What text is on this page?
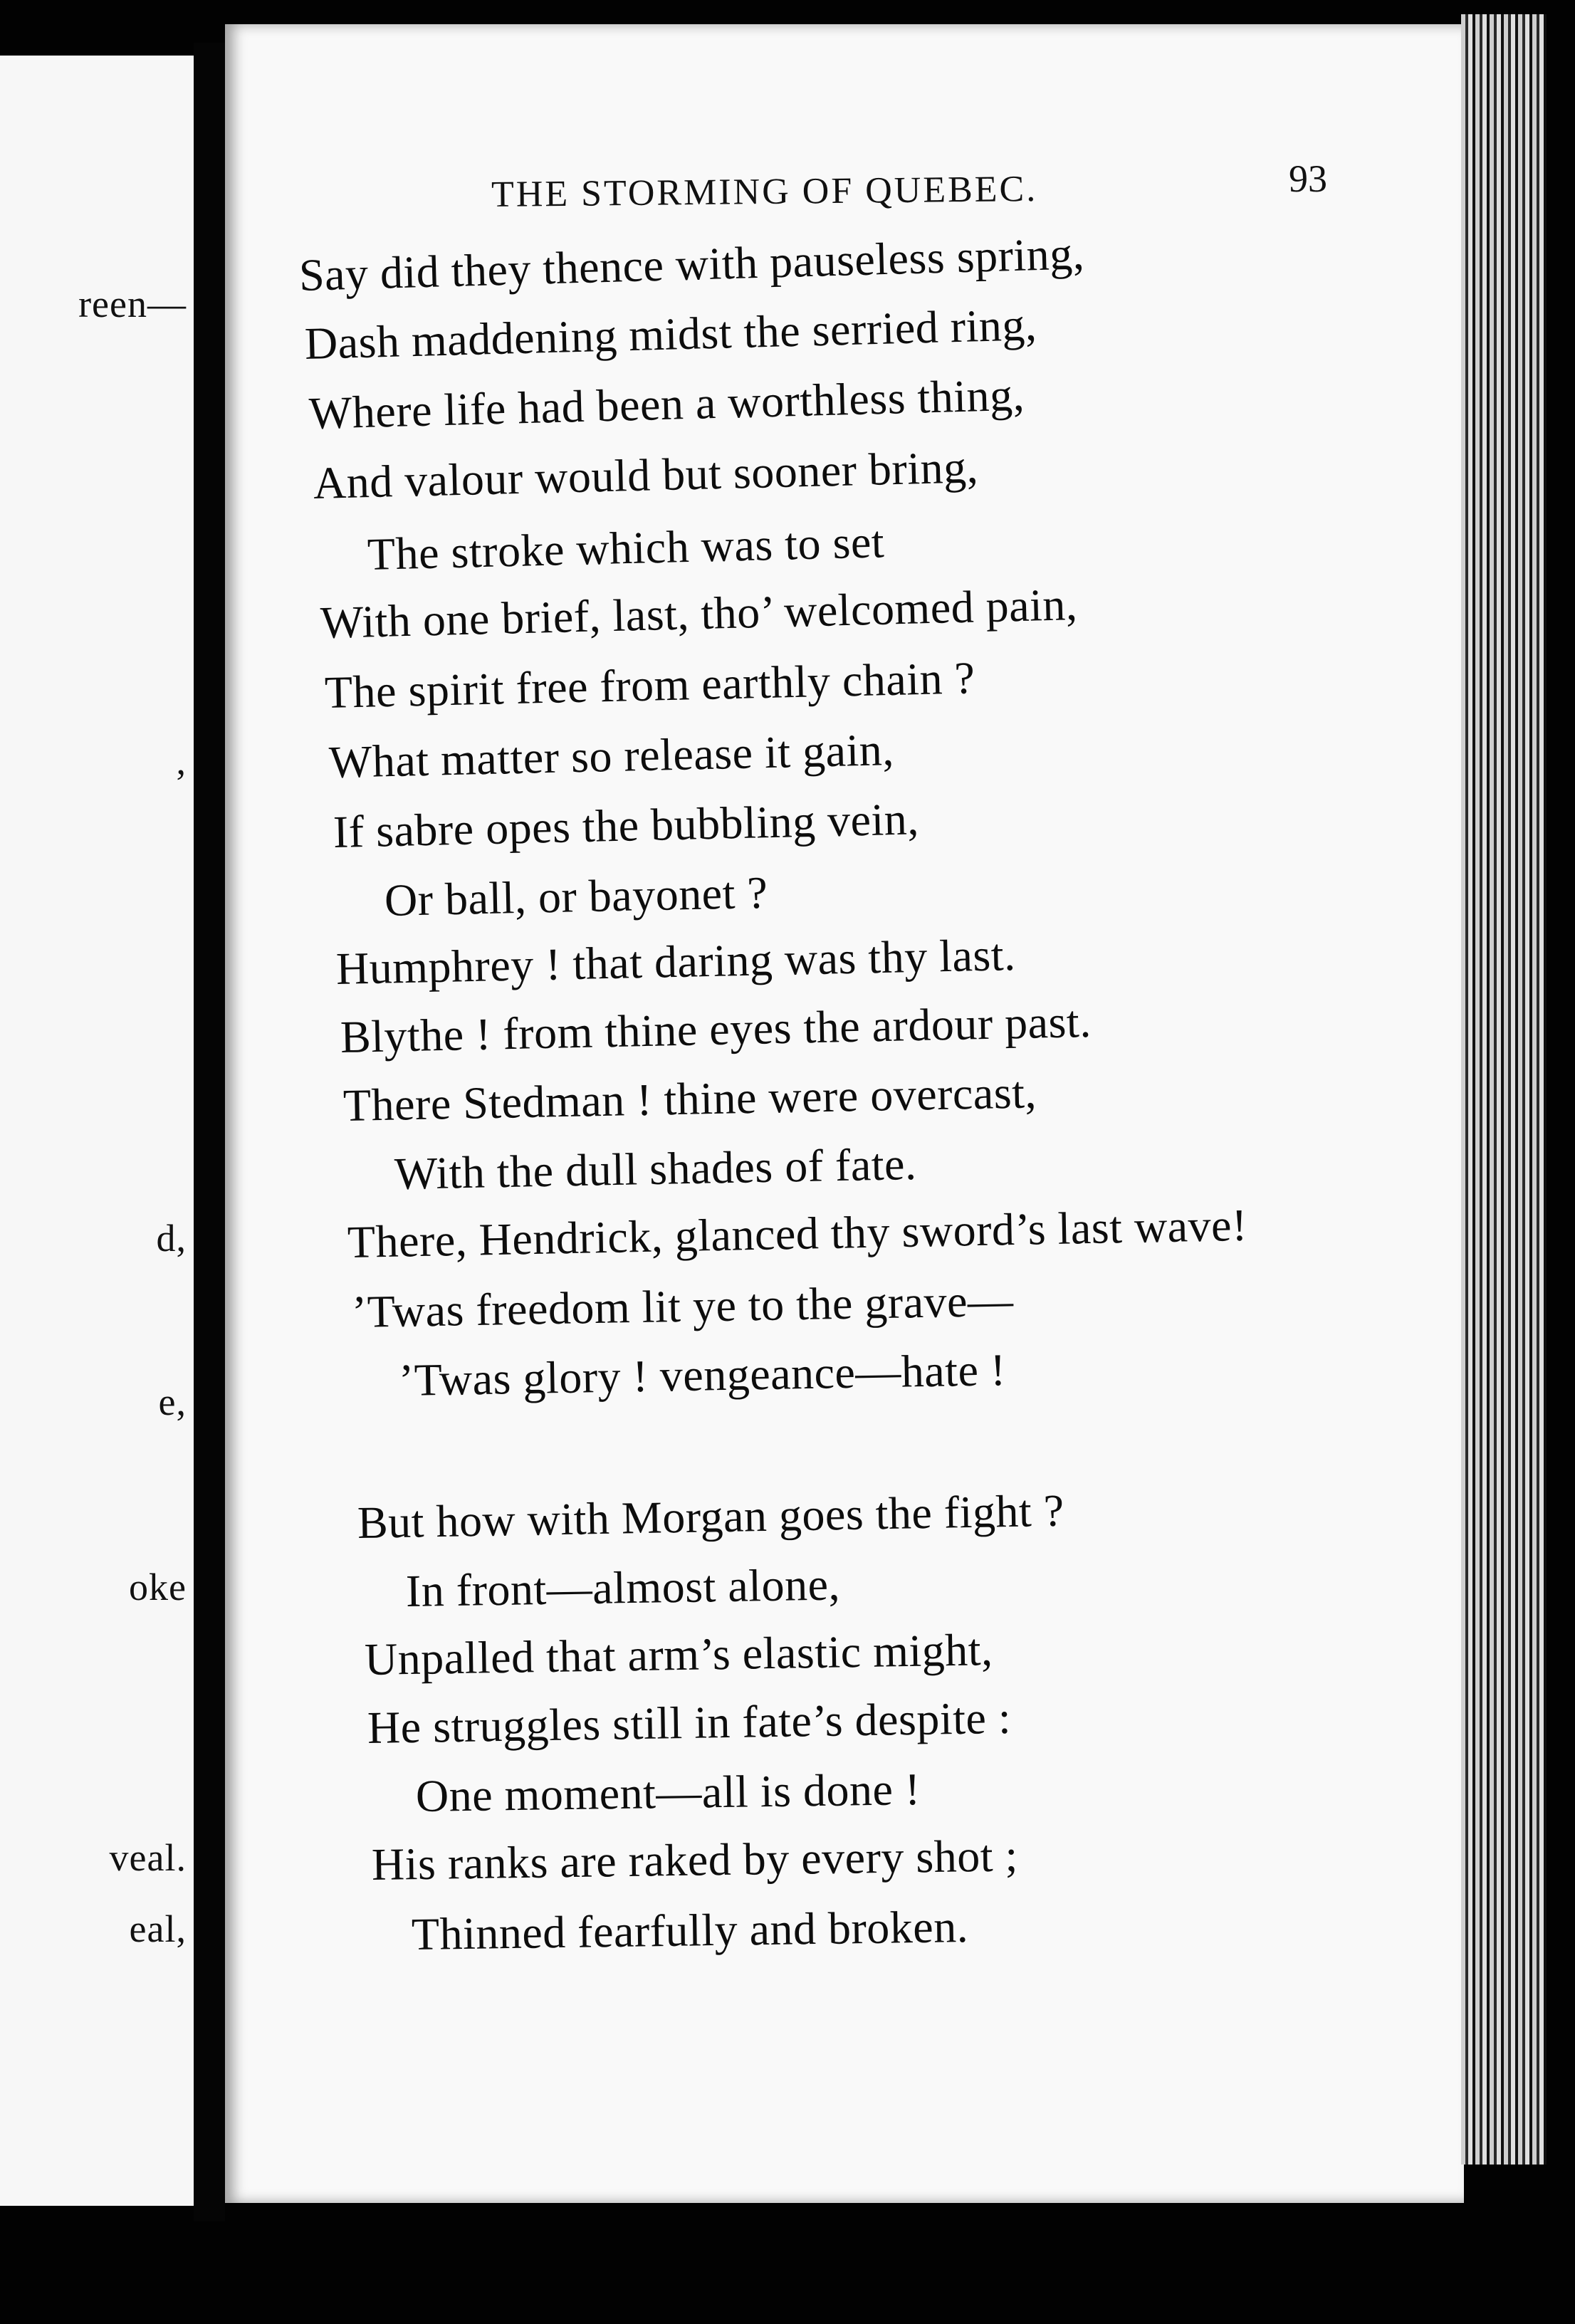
reen—
,
d,
e,
oke
veal.
eal,
THE STORMING OF QUEBEC.	93
Say did they thence with pauseless spring,
Dash maddening midst the serried ring,
Where life had been a worthless thing,
And valour would but sooner bring,
The stroke which was to set
With one brief, last, tho’ welcomed pain,
The spirit free from earthly chain ?
What matter so release it gain,
If sabre opes the bubbling vein,
Or ball, or bayonet ?
Humphrey ! that daring was thy last.
Blythe ! from thine eyes the ardour past.
There Stedman ! thine were overcast,
With the dull shades of fate.
There, Hendrick, glanced thy sword’s last wave!
’Twas freedom lit ye to the grave—
’Twas glory ! vengeance—hate !
But how with Morgan goes the fight ?
In front—almost alone,
Unpalled that arm’s elastic might,
He struggles still in fate’s despite :
One moment—all is done !
His ranks are raked by every shot ;
Thinned fearfully and broken.
